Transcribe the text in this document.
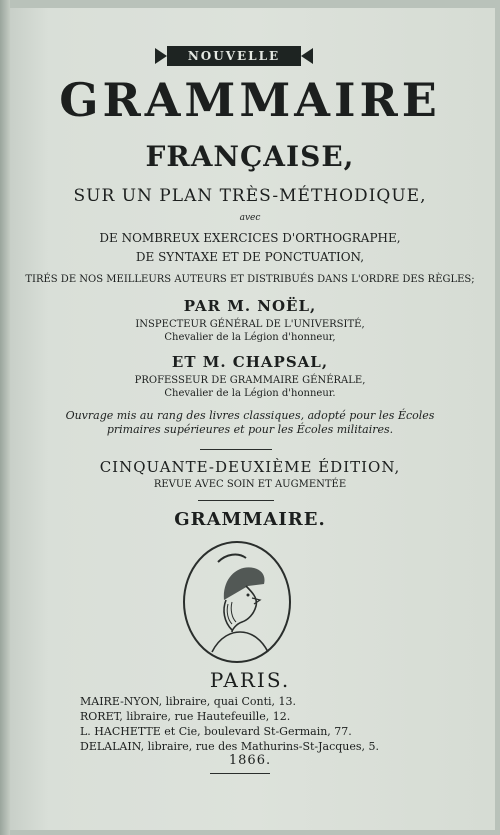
NOUVELLE
GRAMMAIRE
FRANÇAISE,
SUR UN PLAN TRÈS-MÉTHODIQUE,
avec
DE NOMBREUX EXERCICES D'ORTHOGRAPHE,
DE SYNTAXE ET DE PONCTUATION,
TIRÉS DE NOS MEILLEURS AUTEURS ET DISTRIBUÉS DANS L'ORDRE DES RÈGLES;
PAR M. NOËL,
INSPECTEUR GÉNÉRAL DE L'UNIVERSITÉ,
Chevalier de la Légion d'honneur,
ET M. CHAPSAL,
PROFESSEUR DE GRAMMAIRE GÉNÉRALE,
Chevalier de la Légion d'honneur.
Ouvrage mis au rang des livres classiques, adopté pour les Écoles
primaires supérieures et pour les Écoles militaires.
CINQUANTE-DEUXIÈME ÉDITION,
REVUE AVEC SOIN ET AUGMENTÉE
GRAMMAIRE.
PARIS.
MAIRE-NYON, libraire, quai Conti, 13.
RORET, libraire, rue Hautefeuille, 12.
L. HACHETTE et Cie, boulevard St-Germain, 77.
DELALAIN, libraire, rue des Mathurins-St-Jacques, 5.
1866.
